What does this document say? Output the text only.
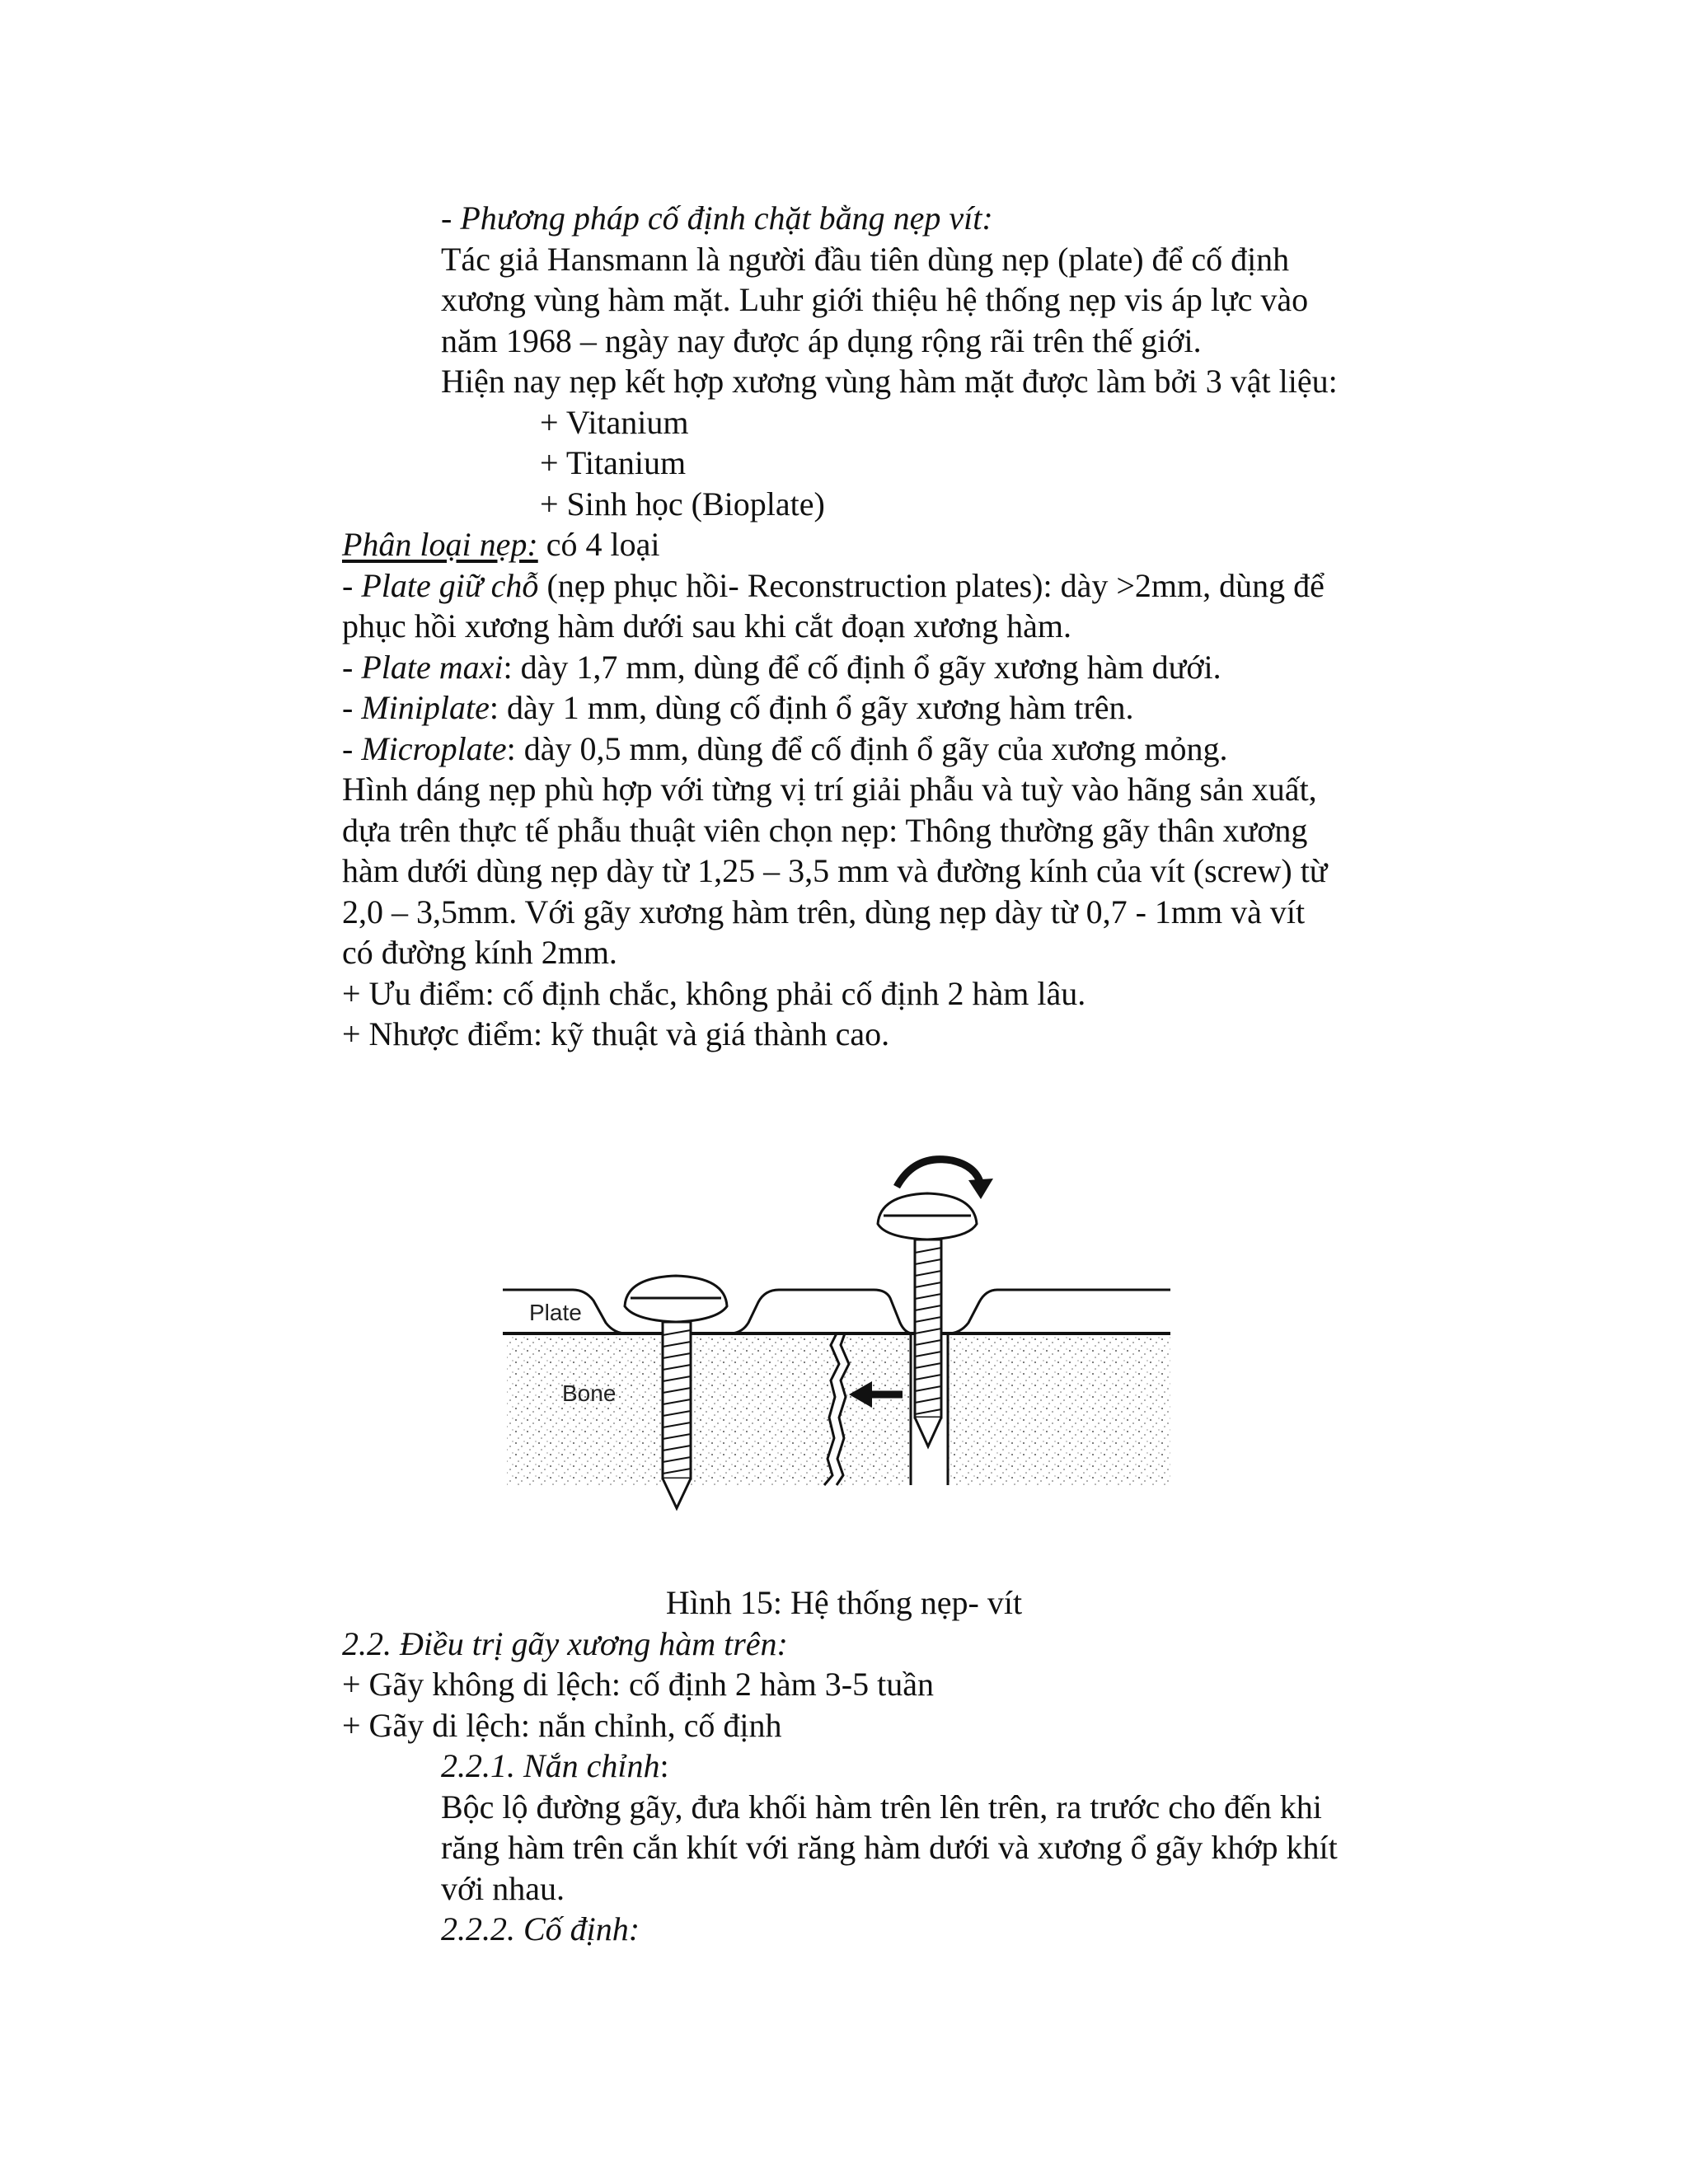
- Phương pháp cố định chặt bằng nẹp vít:
Tác giả Hansmann là người đầu tiên dùng nẹp (plate) để cố định
xương vùng hàm mặt. Luhr giới thiệu hệ thống nẹp vis áp lực vào
năm 1968 – ngày nay được áp dụng rộng rãi trên thế giới.
Hiện nay nẹp kết hợp xương vùng hàm mặt được làm bởi 3 vật liệu:
+ Vitanium
+ Titanium
+ Sinh học (Bioplate)
Phân loại nẹp: có 4 loại
- Plate giữ chỗ (nẹp phục hồi- Reconstruction plates): dày >2mm, dùng để
phục hồi xương hàm dưới sau khi cắt đoạn xương hàm.
- Plate maxi: dày 1,7 mm, dùng để cố định ổ gãy xương hàm dưới.
- Miniplate: dày 1 mm, dùng cố định ổ gãy xương hàm trên.
- Microplate: dày 0,5 mm, dùng để cố định ổ gãy của xương mỏng.
Hình dáng nẹp phù hợp với từng vị trí giải phẫu và tuỳ vào hãng sản xuất,
dựa trên thực tế phẫu thuật viên chọn nẹp: Thông thường gãy thân xương
hàm dưới dùng nẹp dày từ 1,25 – 3,5 mm và đường kính của vít (screw) từ
2,0 – 3,5mm. Với gãy xương hàm trên, dùng nẹp dày từ 0,7 - 1mm và vít
có đường kính 2mm.
+ Ưu điểm: cố định chắc, không phải cố định 2 hàm lâu.
+ Nhược điểm: kỹ thuật và giá thành cao.
Plate
Bone
Hình 15: Hệ thống nẹp- vít
2.2. Điều trị gãy xương hàm trên:
+ Gãy không di lệch: cố định 2 hàm 3-5 tuần
+ Gãy di lệch: nắn chỉnh, cố định
2.2.1. Nắn chỉnh:
Bộc lộ đường gãy, đưa khối hàm trên lên trên, ra trước cho đến khi
răng hàm trên cắn khít với răng hàm dưới và xương ổ gãy khớp khít
với nhau.
2.2.2. Cố định:
